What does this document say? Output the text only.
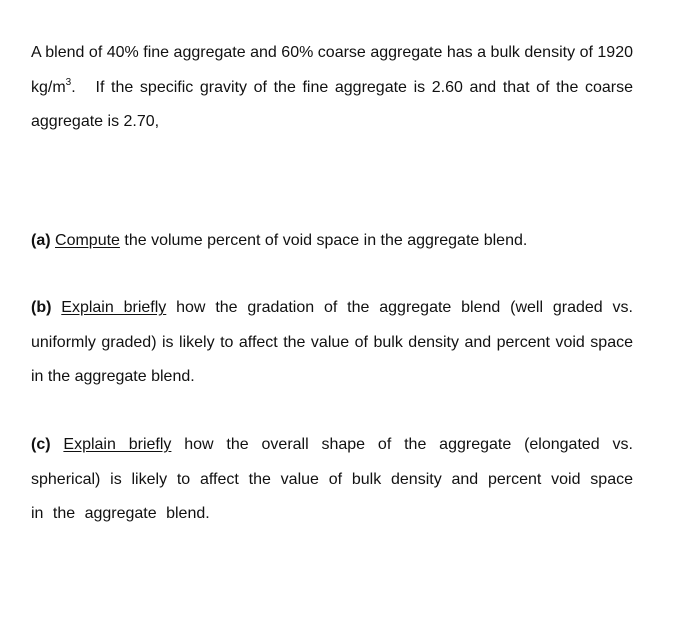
A blend of 40% fine aggregate and 60% coarse aggregate has a bulk density of 1920 $kg/m^3$.   If the specific gravity of the fine aggregate is 2.60 and that of the coarse aggregate is 2.70,

(a) Compute the volume percent of void space in the aggregate blend.

(b) Explain briefly how the gradation of the aggregate blend (well graded vs. uniformly graded) is likely to affect the value of bulk density and percent void space in the aggregate blend.

(c) Explain briefly how the overall shape of the aggregate (elongated vs. spherical) is likely to affect the value of bulk density and percent void space in the aggregate blend.
